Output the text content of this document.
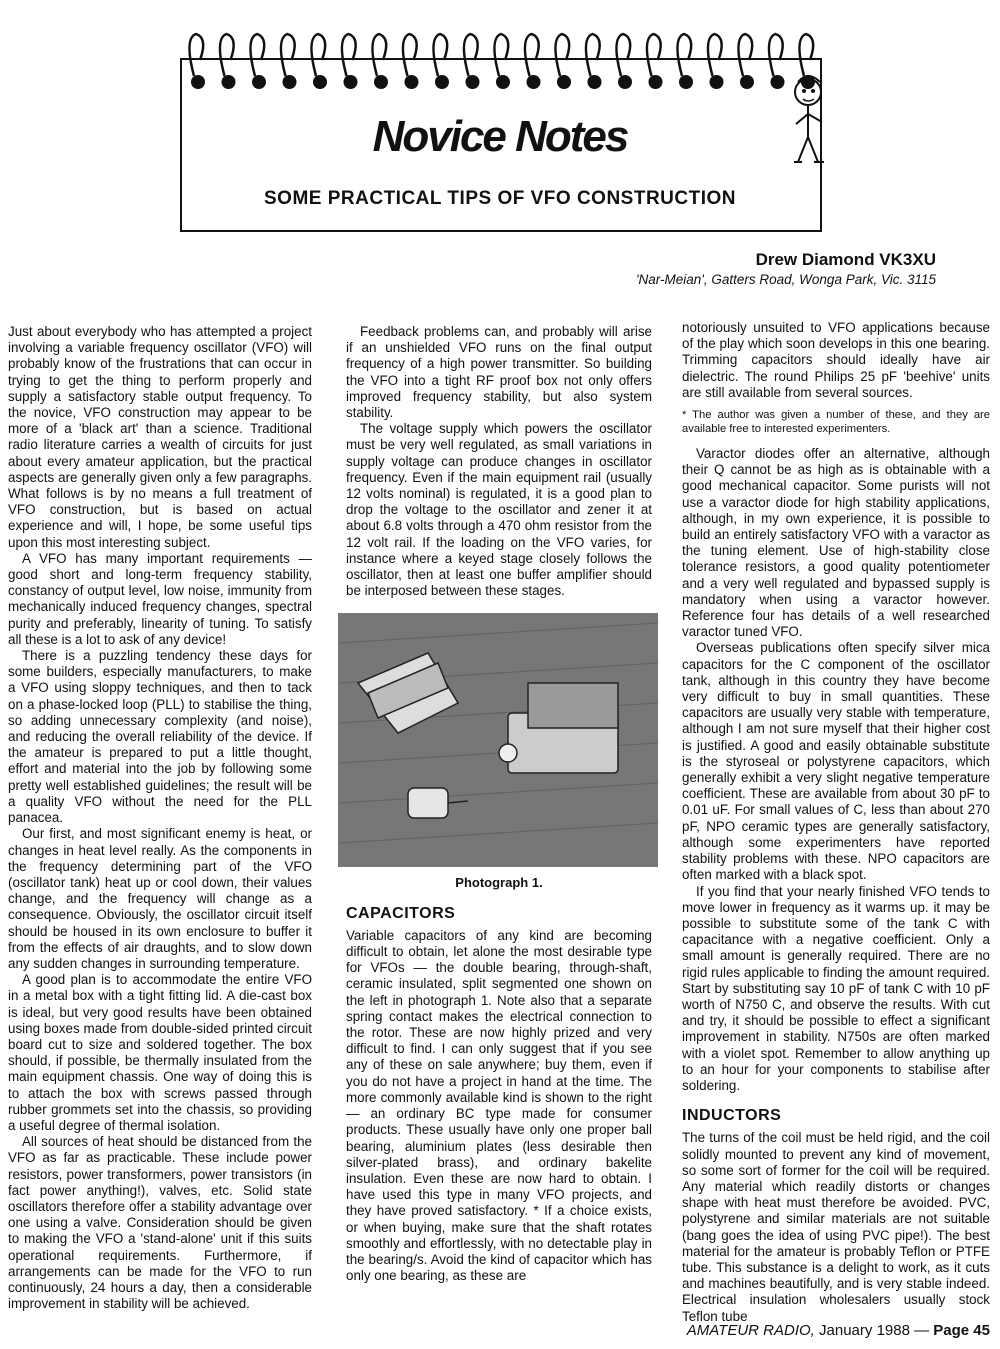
Novice Notes
SOME PRACTICAL TIPS OF VFO CONSTRUCTION
Drew Diamond VK3XU
'Nar-Meian', Gatters Road, Wonga Park, Vic. 3115

Just about everybody who has attempted a project involving a variable frequency oscillator (VFO) will probably know of the frustrations that can occur in trying to get the thing to perform properly and supply a satisfactory stable output frequency. To the novice, VFO construction may appear to be more of a 'black art' than a science. Traditional radio literature carries a wealth of circuits for just about every amateur application, but the practical aspects are generally given only a few paragraphs. What follows is by no means a full treatment of VFO construction, but is based on actual experience and will, I hope, be some useful tips upon this most interesting subject.

A VFO has many important requirements — good short and long-term frequency stability, constancy of output level, low noise, immunity from mechanically induced frequency changes, spectral purity and preferably, linearity of tuning. To satisfy all these is a lot to ask of any device!

There is a puzzling tendency these days for some builders, especially manufacturers, to make a VFO using sloppy techniques, and then to tack on a phase-locked loop (PLL) to stabilise the thing, so adding unnecessary complexity (and noise), and reducing the overall reliability of the device. If the amateur is prepared to put a little thought, effort and material into the job by following some pretty well established guidelines; the result will be a quality VFO without the need for the PLL panacea.

Our first, and most significant enemy is heat, or changes in heat level really. As the components in the frequency determining part of the VFO (oscillator tank) heat up or cool down, their values change, and the frequency will change as a consequence. Obviously, the oscillator circuit itself should be housed in its own enclosure to buffer it from the effects of air draughts, and to slow down any sudden changes in surrounding temperature.

A good plan is to accommodate the entire VFO in a metal box with a tight fitting lid. A die-cast box is ideal, but very good results have been obtained using boxes made from double-sided printed circuit board cut to size and soldered together. The box should, if possible, be thermally insulated from the main equipment chassis. One way of doing this is to attach the box with screws passed through rubber grommets set into the chassis, so providing a useful degree of thermal isolation.

All sources of heat should be distanced from the VFO as far as practicable. These include power resistors, power transformers, power transistors (in fact power anything!), valves, etc. Solid state oscillators therefore offer a stability advantage over one using a valve. Consideration should be given to making the VFO a 'stand-alone' unit if this suits operational requirements. Furthermore, if arrangements can be made for the VFO to run continuously, 24 hours a day, then a considerable improvement in stability will be achieved.

Feedback problems can, and probably will arise if an unshielded VFO runs on the final output frequency of a high power transmitter. So building the VFO into a tight RF proof box not only offers improved frequency stability, but also system stability.

The voltage supply which powers the oscillator must be very well regulated, as small variations in supply voltage can produce changes in oscillator frequency. Even if the main equipment rail (usually 12 volts nominal) is regulated, it is a good plan to drop the voltage to the oscillator and zener it at about 6.8 volts through a 470 ohm resistor from the 12 volt rail. If the loading on the VFO varies, for instance where a keyed stage closely follows the oscillator, then at least one buffer amplifier should be interposed between these stages.

Photograph 1.
CAPACITORS

Variable capacitors of any kind are becoming difficult to obtain, let alone the most desirable type for VFOs — the double bearing, through-shaft, ceramic insulated, split segmented one shown on the left in photograph 1. Note also that a separate spring contact makes the electrical connection to the rotor. These are now highly prized and very difficult to find. I can only suggest that if you see any of these on sale anywhere; buy them, even if you do not have a project in hand at the time. The more commonly available kind is shown to the right — an ordinary BC type made for consumer products. These usually have only one proper ball bearing, aluminium plates (less desirable then silver-plated brass), and ordinary bakelite insulation. Even these are now hard to obtain. I have used this type in many VFO projects, and they have proved satisfactory. * If a choice exists, or when buying, make sure that the shaft rotates smoothly and effortlessly, with no detectable play in the bearing/s. Avoid the kind of capacitor which has only one bearing, as these are

notoriously unsuited to VFO applications because of the play which soon develops in this one bearing. Trimming capacitors should ideally have air dielectric. The round Philips 25 pF 'beehive' units are still available from several sources.

* The author was given a number of these, and they are available free to interested experimenters.

Varactor diodes offer an alternative, although their Q cannot be as high as is obtainable with a good mechanical capacitor. Some purists will not use a varactor diode for high stability applications, although, in my own experience, it is possible to build an entirely satisfactory VFO with a varactor as the tuning element. Use of high-stability close tolerance resistors, a good quality potentiometer and a very well regulated and bypassed supply is mandatory when using a varactor however. Reference four has details of a well researched varactor tuned VFO.

Overseas publications often specify silver mica capacitors for the C component of the oscillator tank, although in this country they have become very difficult to buy in small quantities. These capacitors are usually very stable with temperature, although I am not sure myself that their higher cost is justified. A good and easily obtainable substitute is the styroseal or polystyrene capacitors, which generally exhibit a very slight negative temperature coefficient. These are available from about 30 pF to 0.01 uF. For small values of C, less than about 270 pF, NPO ceramic types are generally satisfactory, although some experimenters have reported stability problems with these. NPO capacitors are often marked with a black spot.

If you find that your nearly finished VFO tends to move lower in frequency as it warms up. it may be possible to substitute some of the tank C with capacitance with a negative coefficient. Only a small amount is generally required. There are no rigid rules applicable to finding the amount required. Start by substituting say 10 pF of tank C with 10 pF worth of N750 C, and observe the results. With cut and try, it should be possible to effect a significant improvement in stability. N750s are often marked with a violet spot. Remember to allow anything up to an hour for your components to stabilise after soldering.

INDUCTORS

The turns of the coil must be held rigid, and the coil solidly mounted to prevent any kind of movement, so some sort of former for the coil will be required. Any material which readily distorts or changes shape with heat must therefore be avoided. PVC, polystyrene and similar materials are not suitable (bang goes the idea of using PVC pipe!). The best material for the amateur is probably Teflon or PTFE tube. This substance is a delight to work, as it cuts and machines beautifully, and is very stable indeed. Electrical insulation wholesalers usually stock Teflon tube

AMATEUR RADIO, January 1988 — Page 45
